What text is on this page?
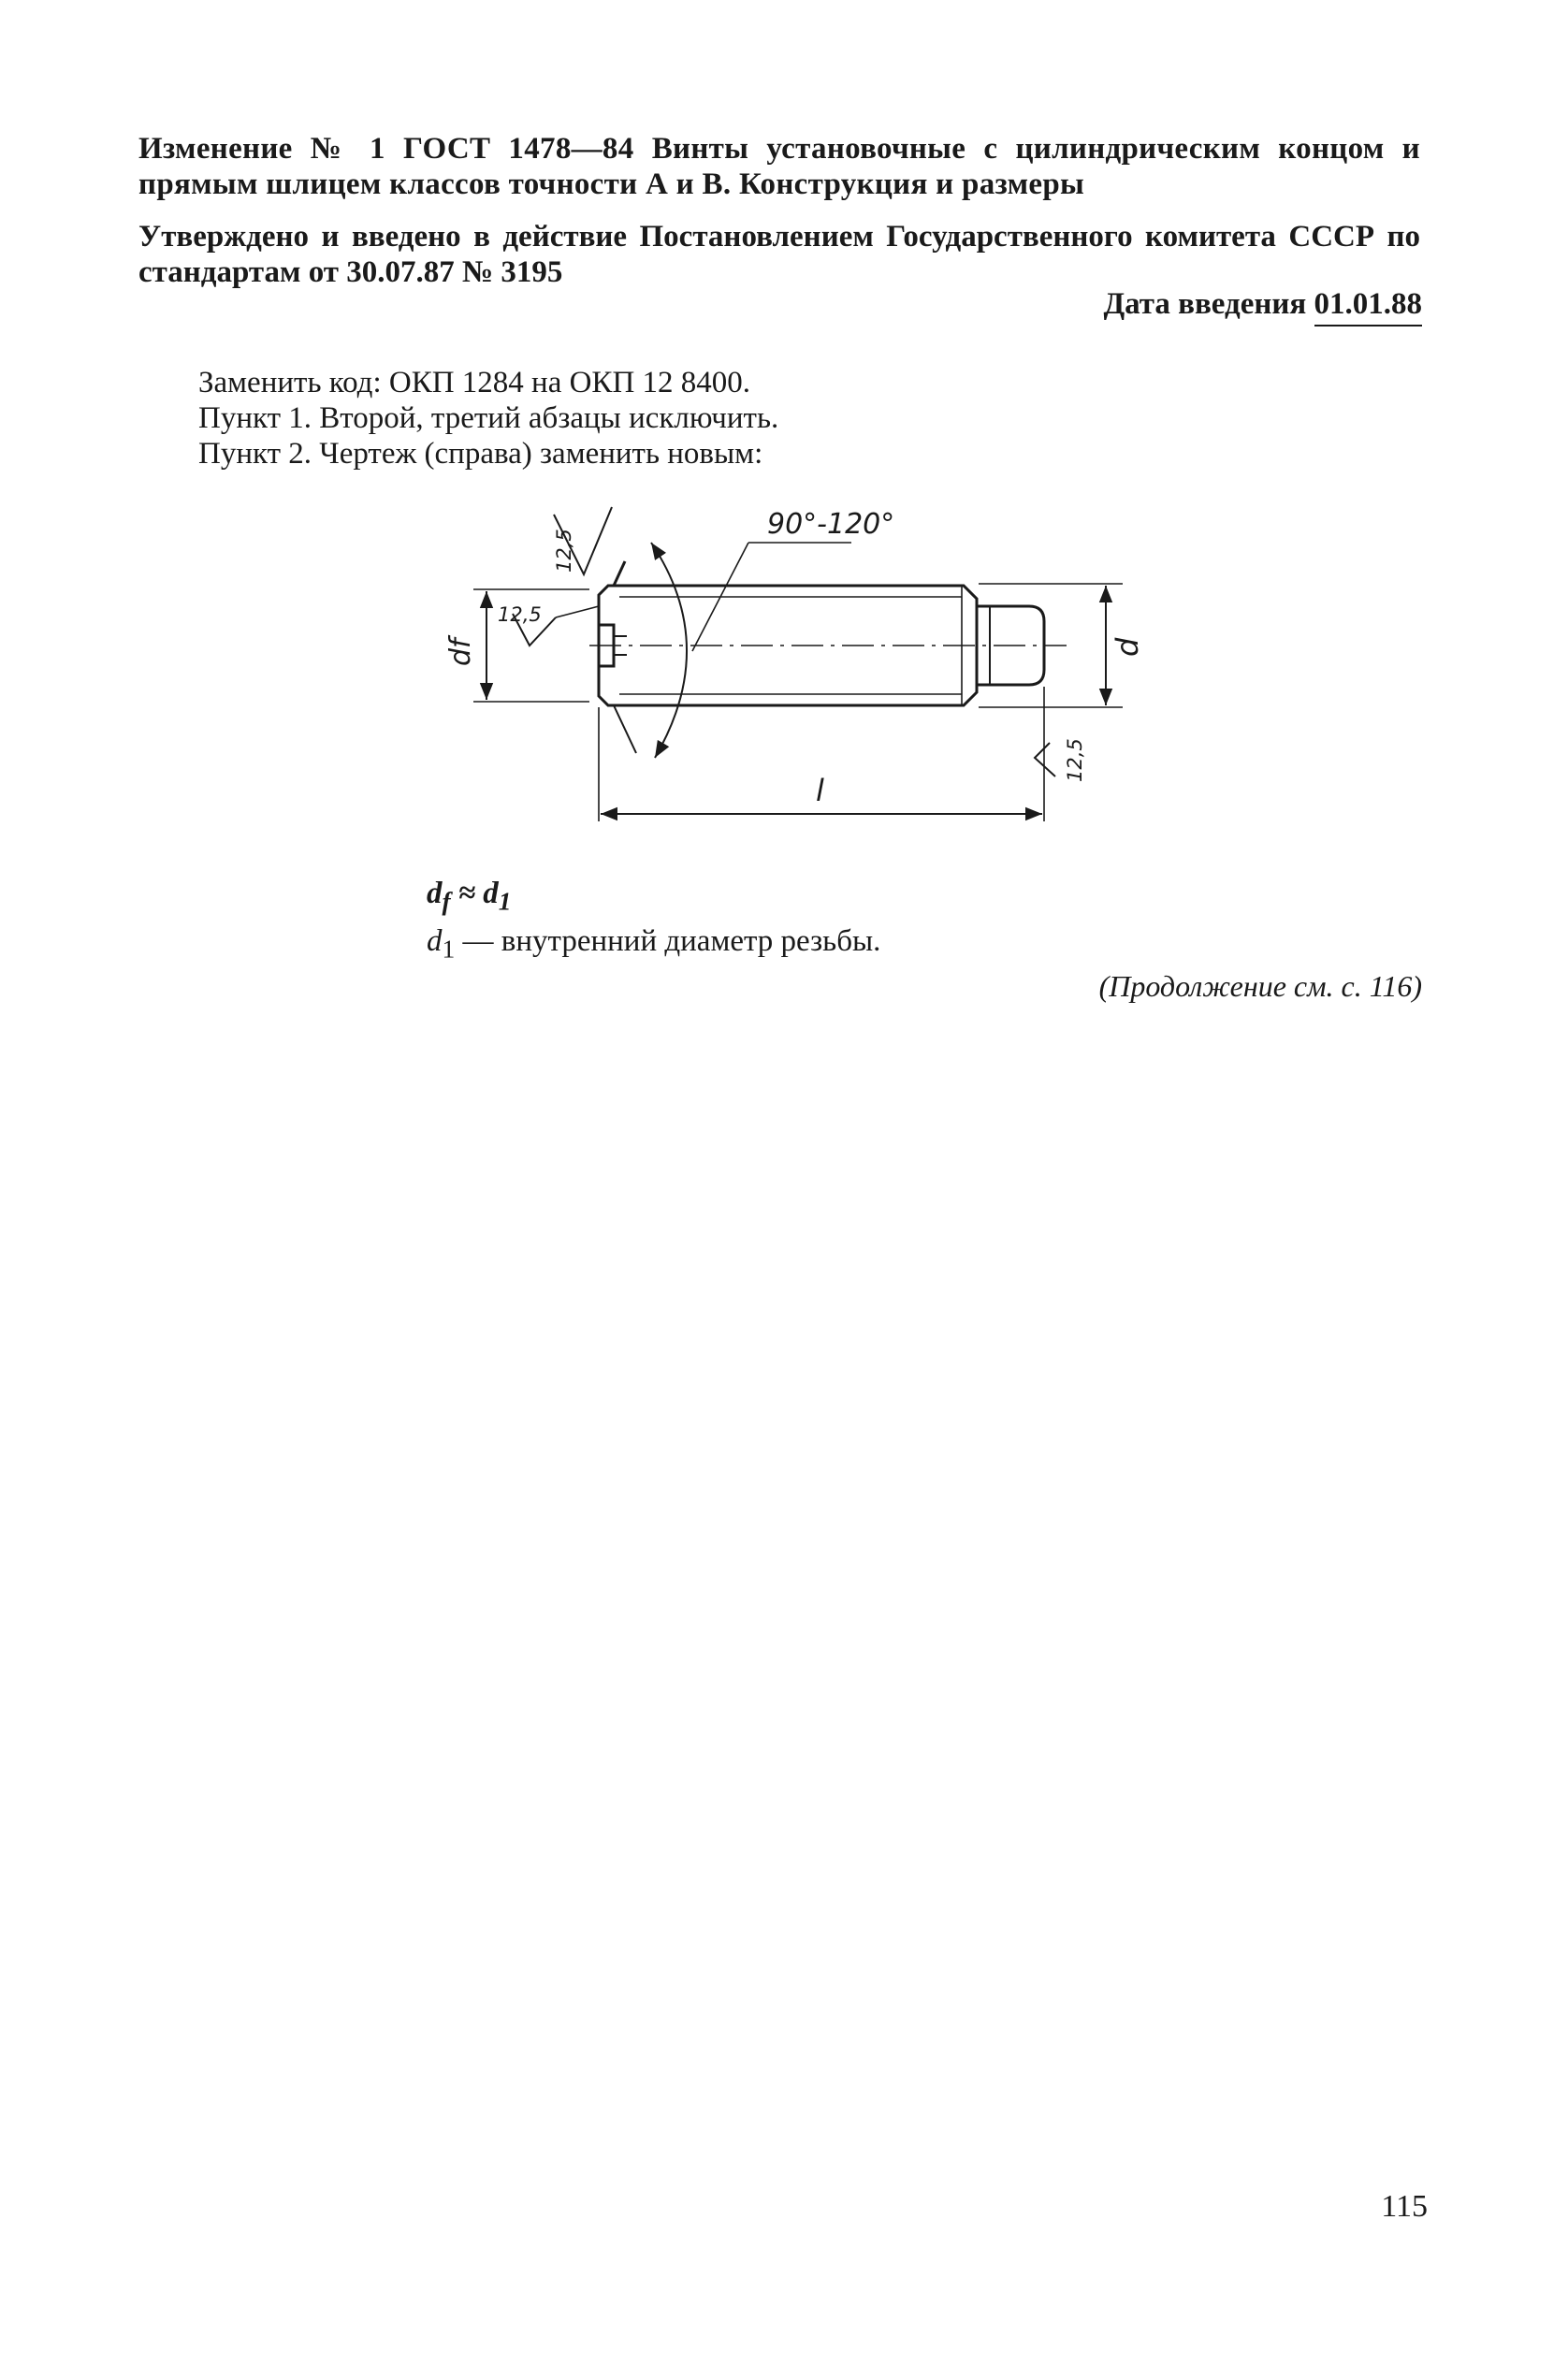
Изменение № 1 ГОСТ 1478—84 Винты установочные с цилиндрическим концом и прямым шлицем классов точности А и В. Конструкция и размеры
Утверждено и введено в действие Постановлением Государственного комитета СССР по стандартам от 30.07.87 № 3195
Дата введения 01.01.88
Заменить код: ОКП 1284 на ОКП 12 8400.
Пункт 1. Второй, третий абзацы исключить.
Пункт 2. Чертеж (справа) заменить новым:
90°-120°
12,5
12,5
12,5
df	d
l
$d_f \approx d_1$
$d_1$ — внутренний диаметр резьбы.
(Продолжение см. с. 116)
115
